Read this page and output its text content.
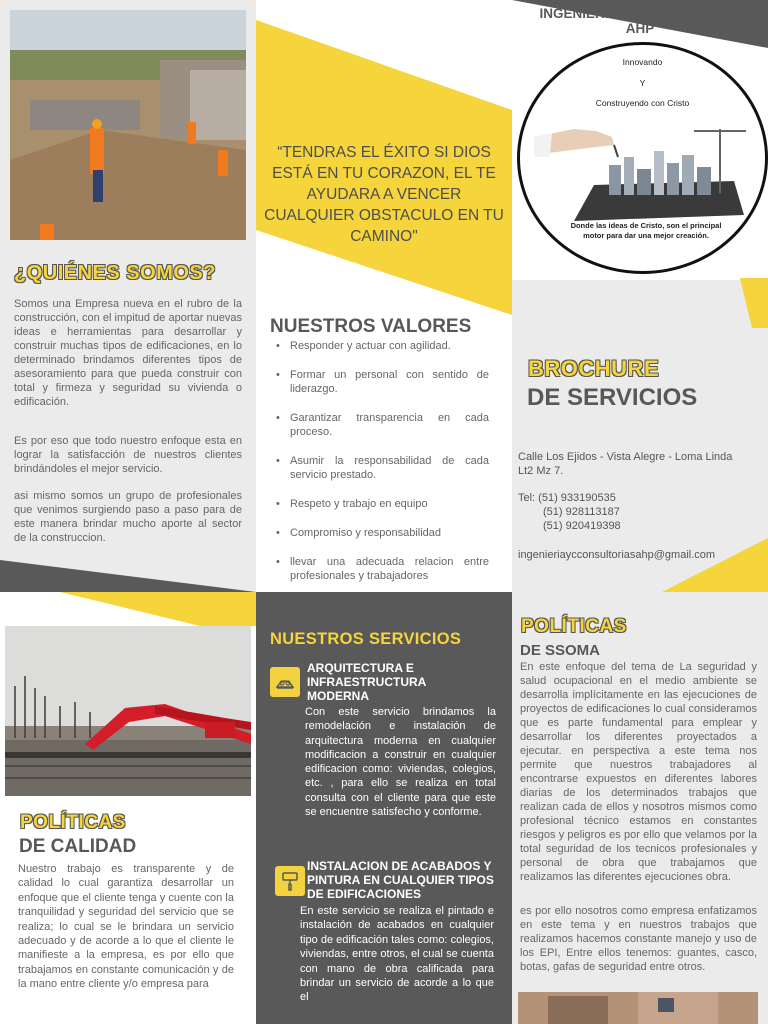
¿QUIÉNES SOMOS?
Somos una Empresa nueva en el rubro de la construcción, con el impitud de aportar nuevas ideas e herramientas para desarrollar y construir muchas tipos de edificaciones, en lo determinado brindamos diferentes tipos de asesoramiento para que pueda construir con total y firmeza y seguridad su vivienda o edificación.
Es por eso que todo nuestro enfoque esta en lograr la satisfacción de nuestros clientes brindándoles el mejor servicio.
asi mismo somos un grupo de profesionales que venimos surgiendo paso a paso para de este manera brindar mucho aporte al sector de la construccion.
“TENDRAS EL ÉXITO SI DIOS ESTÁ EN TU CORAZON, EL TE AYUDARA A VENCER CUALQUIER OBSTACULO EN TU CAMINO"
NUESTROS VALORES
• Responder y actuar con agilidad.
• Formar un personal con sentido de liderazgo.
• Garantizar transparencia en cada proceso.
• Asumir la responsabilidad de cada servicio prestado.
• Respeto y trabajo en equipo
• Compromiso y responsabilidad
• llevar una adecuada relacion entre profesionales y trabajadores
INGENIERIA Y CONSULTORIAS
AHP
Innovando
Y
Construyendo con Cristo
Donde las ideas de Cristo, son el principal motor para dar una mejor creación.
BROCHURE
DE SERVICIOS
Calle Los Ejidos - Vista Alegre - Loma Linda Lt2 Mz 7.
Tel: (51) 933190535
(51) 928113187
(51) 920419398
ingenieriaycconsultoriasahp@gmail.com
POLÍTICAS
DE CALIDAD
Nuestro trabajo es transparente y de calidad lo cual garantiza desarrollar un enfoque que el cliente tenga y cuente con la tranquilidad y seguridad del servicio que se realiza; lo cual se le brindara un servicio adecuado y de acorde a lo que el cliente le manifieste a la empresa, es por ello que trabajamos en constante comunicación y de la mano entre cliente y/o empresa para
NUESTROS SERVICIOS
ARQUITECTURA E INFRAESTRUCTURA MODERNA
Con este servicio brindamos la remodelación e instalación de arquitectura moderna en cualquier modificacion a construir en cualquier edificacion como: viviendas, colegios, etc. , para ello se realiza en total consulta con el cliente para que este se encuentre satisfecho y conforme.
INSTALACION DE ACABADOS Y PINTURA EN CUALQUIER TIPOS DE EDIFICACIONES
En este servicio se realiza el pintado e instalación de acabados en cualquier tipo de edificación tales como: colegios, viviendas, entre otros, el cual se cuenta con mano de obra calificada para brindar un servicio de acorde a lo que el
POLÍTICAS
DE SSOMA
En este enfoque del tema de La seguridad y salud ocupacional en el medio ambiente se desarrolla implícitamente en las ejecuciones de proyectos de edificaciones lo cual consideramos que es parte fundamental para emplear y desarrollar los diferentes proyectados a ejecutar. en perspectiva a este tema nos permite que nuestros trabajadores al encontrarse expuestos en diferentes labores diarias de los determinados trabajos que realizan cada de ellos y nosotros mismos como profesional técnico estamos en constantes riesgos y peligros es por ello que velamos por la total seguridad de los tecnicos profesionales y personal de obra que trabajamos que realizamos las diferentes ejecuciones obra.
es por ello nosotros como empresa enfatizamos en este tema y en nuestros trabajos que realizamos hacemos constante manejo y uso de los EPI, Entre ellos tenemos: guantes, casco, botas, gafas de seguridad entre otros.
